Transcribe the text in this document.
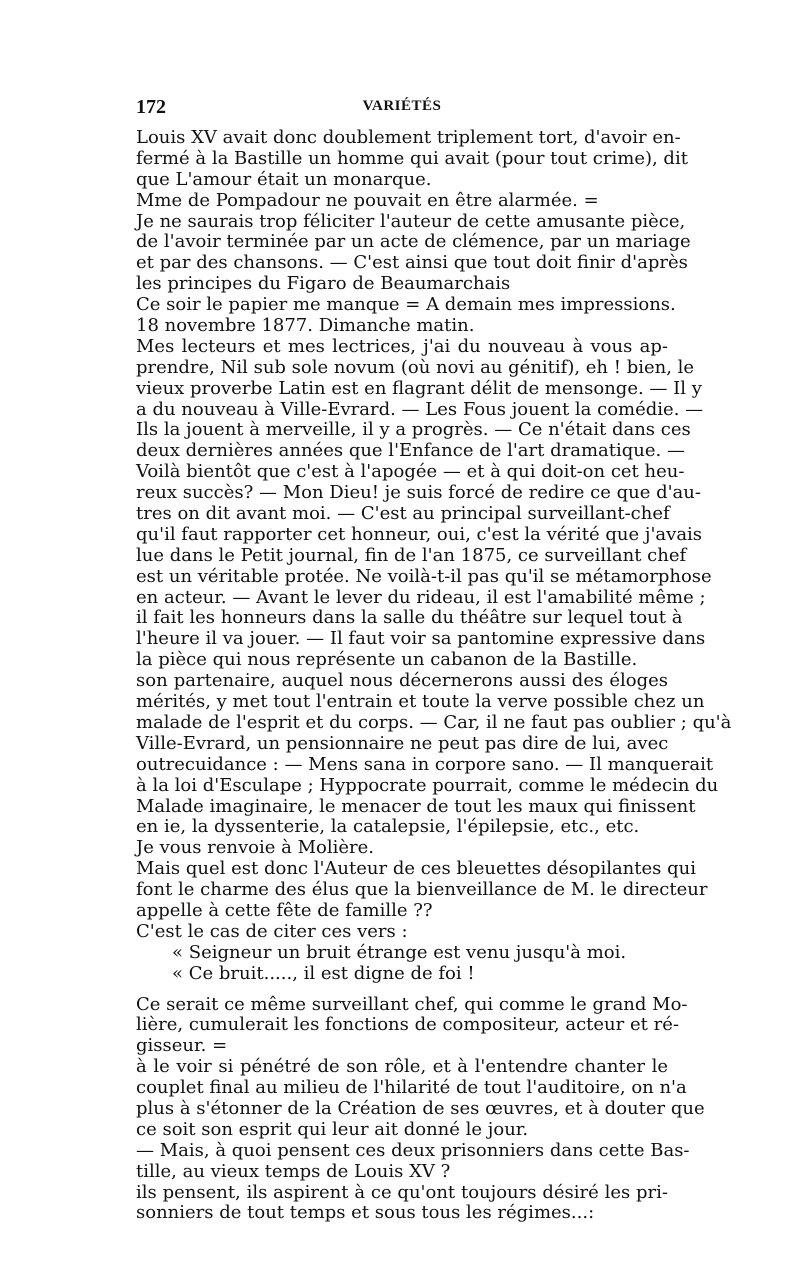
172	VARIÉTÉS
Louis XV avait donc doublement triplement tort, d'avoir en-
fermé à la Bastille un homme qui avait (pour tout crime), dit
que L'amour était un monarque.
Mme de Pompadour ne pouvait en être alarmée. =
Je ne saurais trop féliciter l'auteur de cette amusante pièce,
de l'avoir terminée par un acte de clémence, par un mariage
et par des chansons. — C'est ainsi que tout doit finir d'après
les principes du Figaro de Beaumarchais
Ce soir le papier me manque = A demain mes impressions.
18 novembre 1877. Dimanche matin.
Mes lecteurs et mes lectrices, j'ai du nouveau à vous ap-
prendre, Nil sub sole novum (où novi au génitif), eh ! bien, le
vieux proverbe Latin est en flagrant délit de mensonge. — Il y
a du nouveau à Ville-Evrard. — Les Fous jouent la comédie. —
Ils la jouent à merveille, il y a progrès. — Ce n'était dans ces
deux dernières années que l'Enfance de l'art dramatique. —
Voilà bientôt que c'est à l'apogée — et à qui doit-on cet heu-
reux succès? — Mon Dieu! je suis forcé de redire ce que d'au-
tres on dit avant moi. — C'est au principal surveillant-chef
qu'il faut rapporter cet honneur, oui, c'est la vérité que j'avais
lue dans le Petit journal, fin de l'an 1875, ce surveillant chef
est un véritable protée. Ne voilà-t-il pas qu'il se métamorphose
en acteur. — Avant le lever du rideau, il est l'amabilité même ;
il fait les honneurs dans la salle du théâtre sur lequel tout à
l'heure il va jouer. — Il faut voir sa pantomine expressive dans
la pièce qui nous représente un cabanon de la Bastille.
son partenaire, auquel nous décernerons aussi des éloges
mérités, y met tout l'entrain et toute la verve possible chez un
malade de l'esprit et du corps. — Car, il ne faut pas oublier ; qu'à
Ville-Evrard, un pensionnaire ne peut pas dire de lui, avec
outrecuidance : — Mens sana in corpore sano. — Il manquerait
à la loi d'Esculape ; Hyppocrate pourrait, comme le médecin du
Malade imaginaire, le menacer de tout les maux qui finissent
en ie, la dyssenterie, la catalepsie, l'épilepsie, etc., etc.
Je vous renvoie à Molière.
Mais quel est donc l'Auteur de ces bleuettes désopilantes qui
font le charme des élus que la bienveillance de M. le directeur
appelle à cette fête de famille ??
C'est le cas de citer ces vers :
« Seigneur un bruit étrange est venu jusqu'à moi.
« Ce bruit....., il est digne de foi !
Ce serait ce même surveillant chef, qui comme le grand Mo-
lière, cumulerait les fonctions de compositeur, acteur et ré-
gisseur. =
à le voir si pénétré de son rôle, et à l'entendre chanter le
couplet final au milieu de l'hilarité de tout l'auditoire, on n'a
plus à s'étonner de la Création de ses œuvres, et à douter que
ce soit son esprit qui leur ait donné le jour.
— Mais, à quoi pensent ces deux prisonniers dans cette Bas-
tille, au vieux temps de Louis XV ?
ils pensent, ils aspirent à ce qu'ont toujours désiré les pri-
sonniers de tout temps et sous tous les régimes...:
